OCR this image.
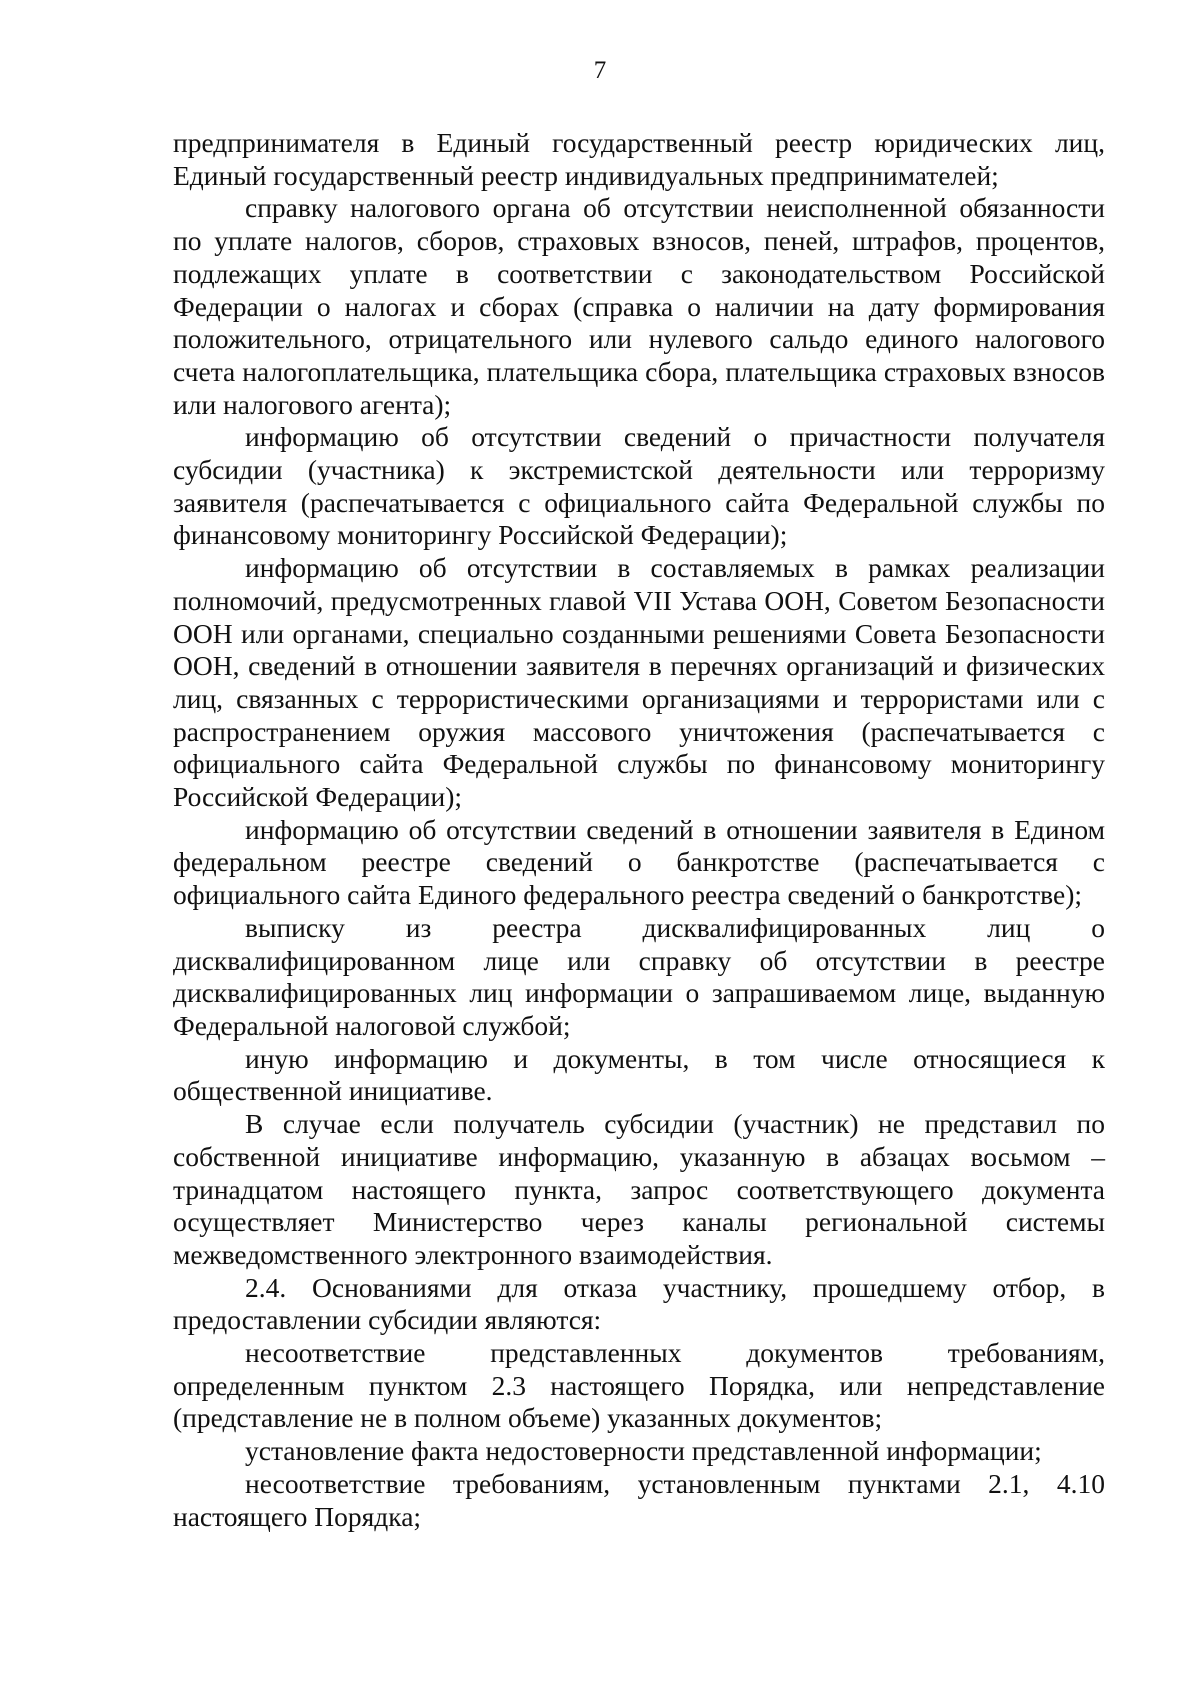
7

предпринимателя в Единый государственный реестр юридических лиц, Единый государственный реестр индивидуальных предпринимателей;

справку налогового органа об отсутствии неисполненной обязанности по уплате налогов, сборов, страховых взносов, пеней, штрафов, процентов, подлежащих уплате в соответствии с законодательством Российской Федерации о налогах и сборах (справка о наличии на дату формирования положительного, отрицательного или нулевого сальдо единого налогового счета налогоплательщика, плательщика сбора, плательщика страховых взносов или налогового агента);

информацию об отсутствии сведений о причастности получателя субсидии (участника) к экстремистской деятельности или терроризму заявителя (распечатывается с официального сайта Федеральной службы по финансовому мониторингу Российской Федерации);

информацию об отсутствии в составляемых в рамках реализации полномочий, предусмотренных главой VII Устава ООН, Советом Безопасности ООН или органами, специально созданными решениями Совета Безопасности ООН, сведений в отношении заявителя в перечнях организаций и физических лиц, связанных с террористическими организациями и террористами или с распространением оружия массового уничтожения (распечатывается с официального сайта Федеральной службы по финансовому мониторингу Российской Федерации);

информацию об отсутствии сведений в отношении заявителя в Едином федеральном реестре сведений о банкротстве (распечатывается с официального сайта Единого федерального реестра сведений о банкротстве);

выписку из реестра дисквалифицированных лиц о дисквалифицированном лице или справку об отсутствии в реестре дисквалифицированных лиц информации о запрашиваемом лице, выданную Федеральной налоговой службой;

иную информацию и документы, в том числе относящиеся к общественной инициативе.

В случае если получатель субсидии (участник) не представил по собственной инициативе информацию, указанную в абзацах восьмом – тринадцатом настоящего пункта, запрос соответствующего документа осуществляет Министерство через каналы региональной системы межведомственного электронного взаимодействия.

2.4. Основаниями для отказа участнику, прошедшему отбор, в предоставлении субсидии являются:

несоответствие представленных документов требованиям, определенным пунктом 2.3 настоящего Порядка, или непредставление (представление не в полном объеме) указанных документов;

установление факта недостоверности представленной информации;

несоответствие требованиям, установленным пунктами 2.1, 4.10 настоящего Порядка;
